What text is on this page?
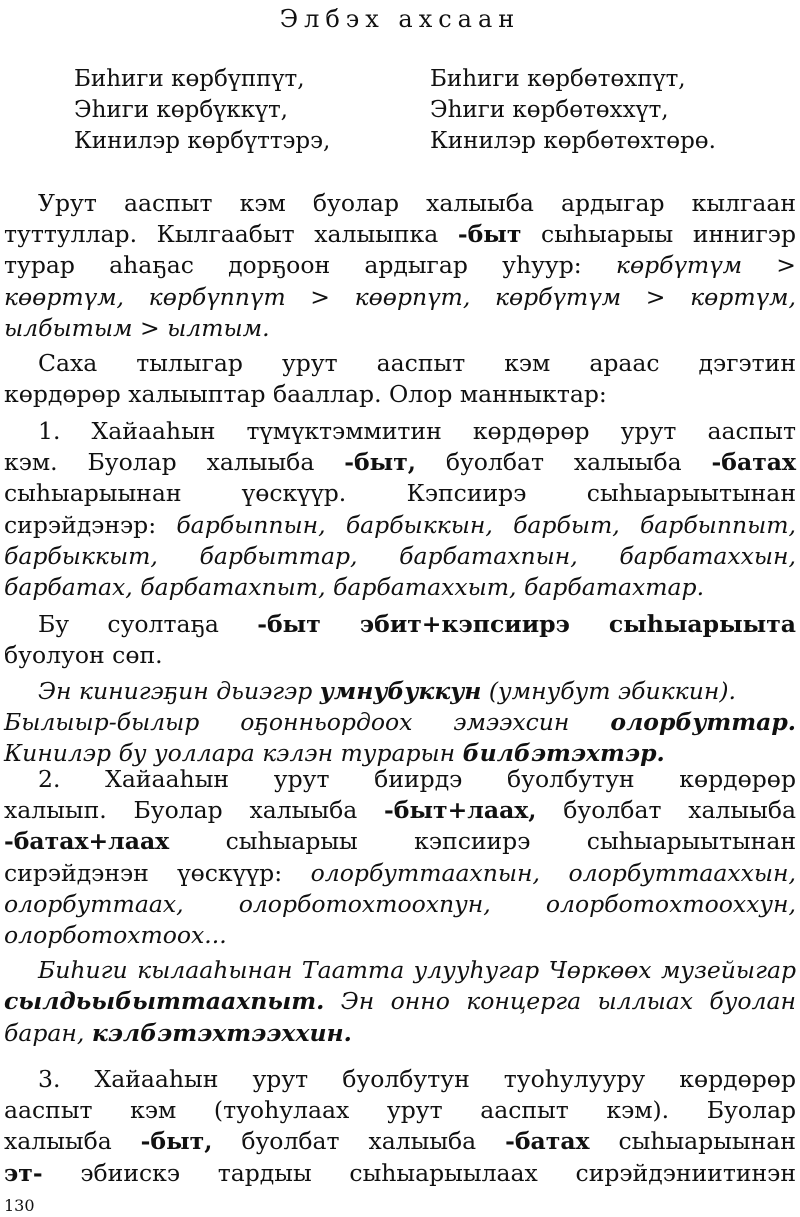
Элбэх ахсаан
Биһиги көрбүппүт,
Эһиги көрбүккүт,
Кинилэр көрбүттэрэ,
Биһиги көрбөтөхпүт,
Эһиги көрбөтөххүт,
Кинилэр көрбөтөхтөрө.
Урут ааспыт кэм буолар халыыба ардыгар кылгаан
туттуллар. Кылгаабыт халыыпка -быт сыһыарыы иннигэр
турар аһаҕас дорҕоон ардыгар уһуур: көрбүтүм >
көөртүм, көрбүппүт > көөрпүт, көрбүтүм > көртүм,
ылбытым > ылтым.
Саха тылыгар урут ааспыт кэм араас дэгэтин
көрдөрөр халыыптар бааллар. Олор манныктар:
1. Хайааһын түмүктэммитин көрдөрөр урут ааспыт
кэм. Буолар халыыба -быт, буолбат халыыба -батах
сыһыарыынан үөскүүр. Кэпсиирэ сыһыарыытынан
сирэйдэнэр: барбыппын, барбыккын, барбыт, барбыппыт,
барбыккыт, барбыттар, барбатахпын, барбатаххын,
барбатах, барбатахпыт, барбатаххыт, барбатахтар.
Бу суолтаҕа -быт эбит+кэпсиирэ сыһыарыыта
буолуон сөп.
Эн кинигэҕин дьиэгэр умнубуккун (умнубут эбиккин).
Былыыр-былыр оҕонньордоох эмээхсин олорбуттар.
Кинилэр бу уоллара кэлэн турарын билбэтэхтэр.
2. Хайааһын урут биирдэ буолбутун көрдөрөр
халыып. Буолар халыыба -быт+лаах, буолбат халыыба
-батах+лаах сыһыарыы кэпсиирэ сыһыарыытынан
сирэйдэнэн үөскүүр: олорбуттаахпын, олорбуттааххын,
олорбуттаах, олорботохтоохпун, олорботохтооххун,
олорботохтоох...
Биһиги кылааһынан Таатта улууһугар Чөркөөх музейыгар
сылдьыбыттаахпыт. Эн онно концерга ыллыах буолан
баран, кэлбэтэхтээххин.
3. Хайааһын урут буолбутун туоһулууру көрдөрөр
ааспыт кэм (туоһулаах урут ааспыт кэм). Буолар
халыыба -быт, буолбат халыыба -батах сыһыарыынан
эт- эбиискэ тардыы сыһыарыылаах сирэйдэниитинэн
130
